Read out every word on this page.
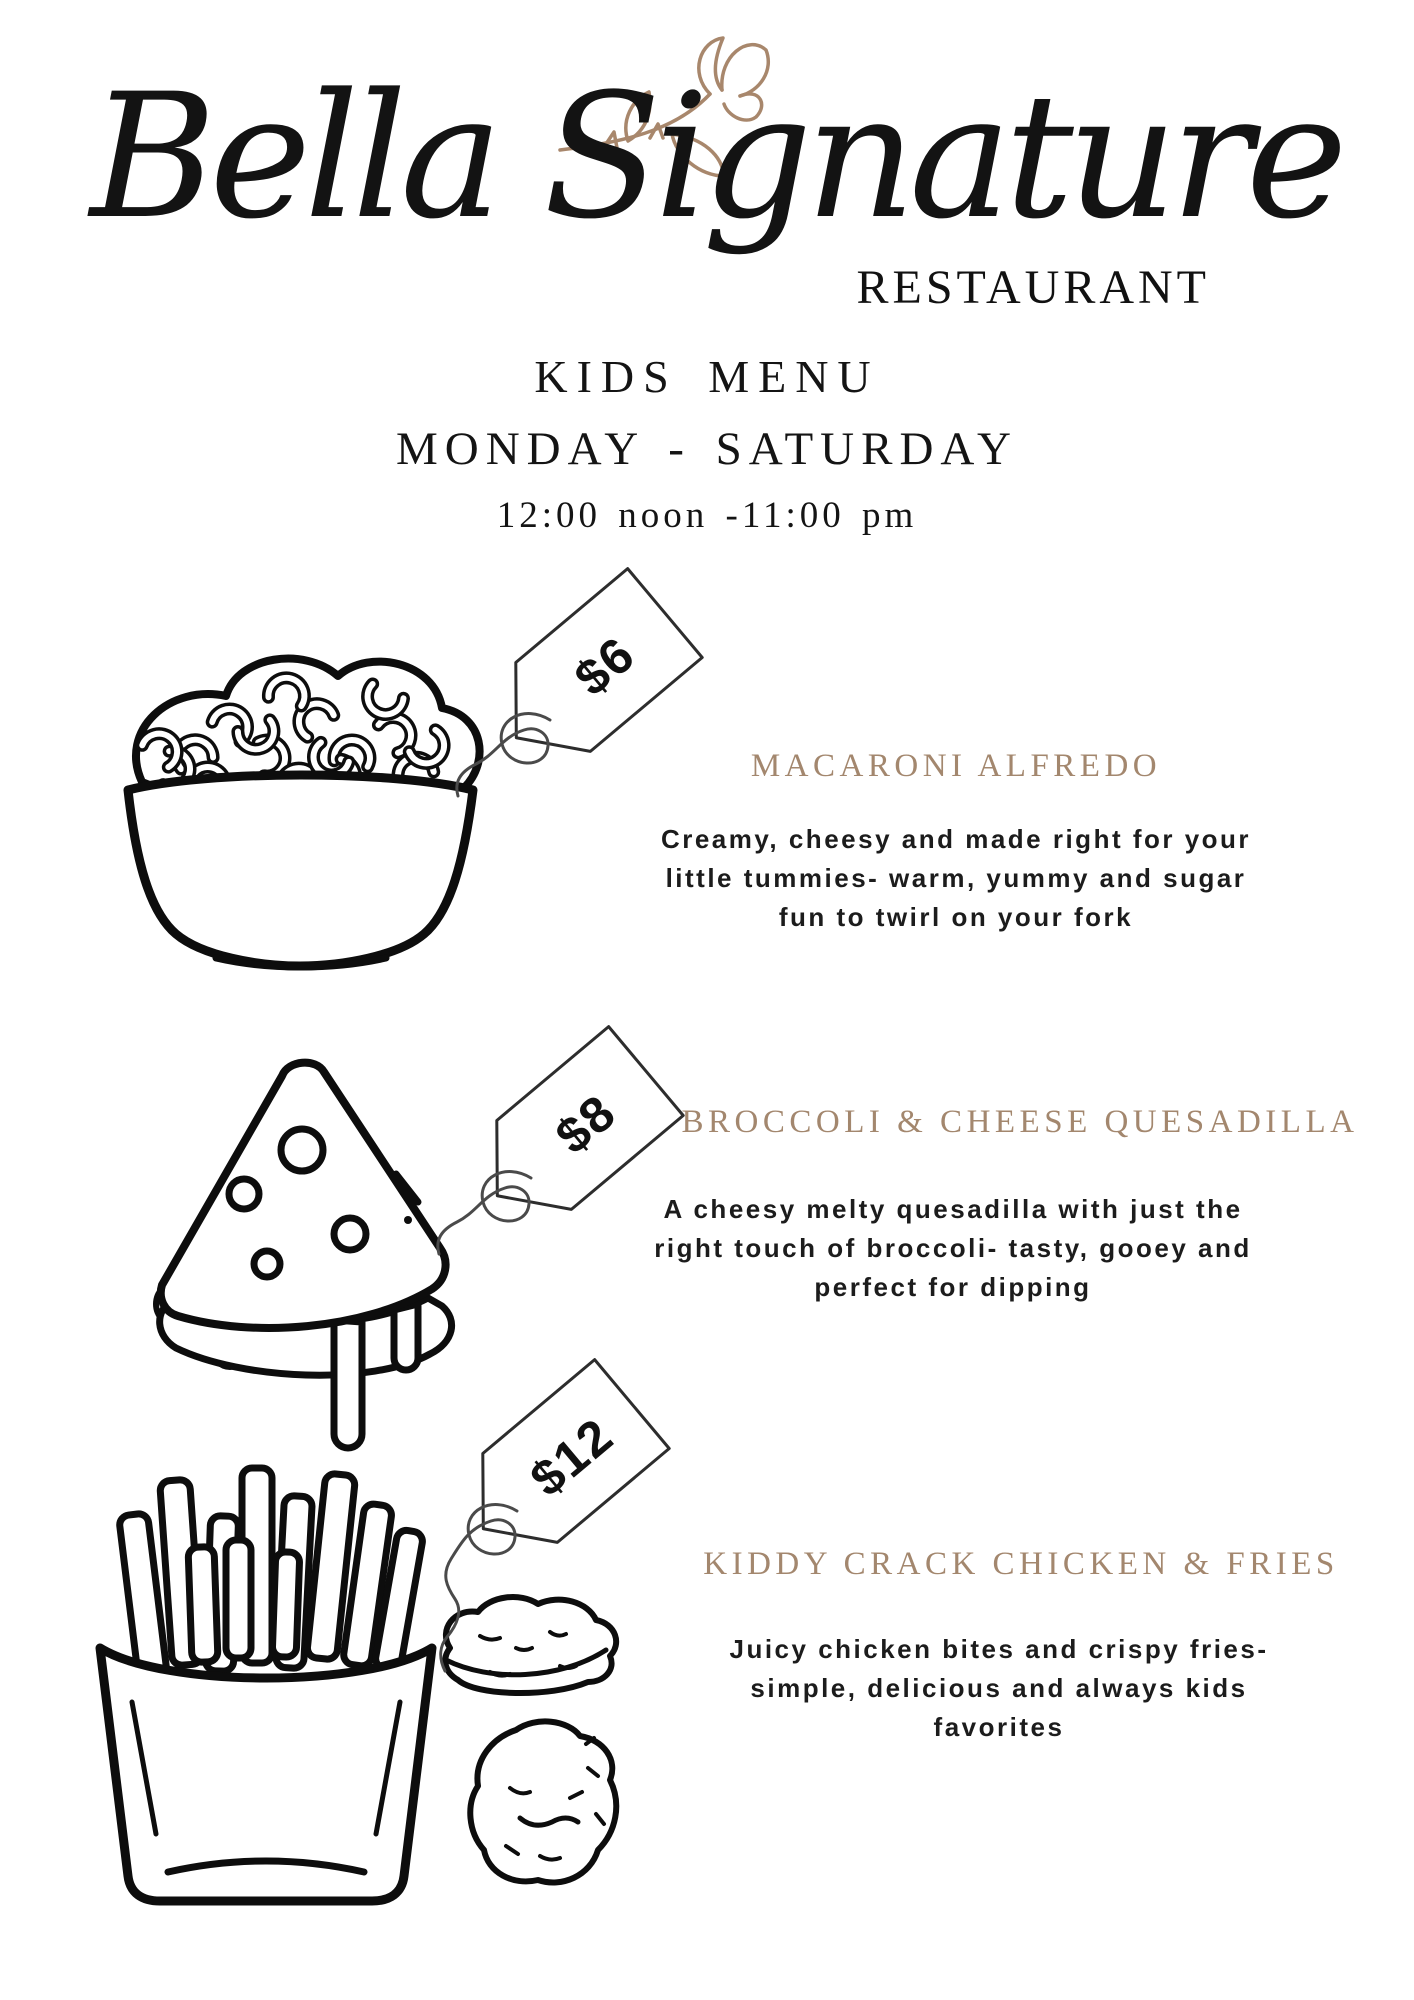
Bella Signature
RESTAURANT
KIDS MENU
MONDAY - SATURDAY
12:00 noon -11:00 pm
$6
MACARONI ALFREDO
Creamy, cheesy and made right for your
little tummies- warm, yummy and sugar
fun to twirl on your fork
$8 BROCCOLI & CHEESE QUESADILLA
A cheesy melty quesadilla with just the
right touch of broccoli- tasty, gooey and
perfect for dipping
$12
KIDDY CRACK CHICKEN & FRIES
Juicy chicken bites and crispy fries-
simple, delicious and always kids
favorites
